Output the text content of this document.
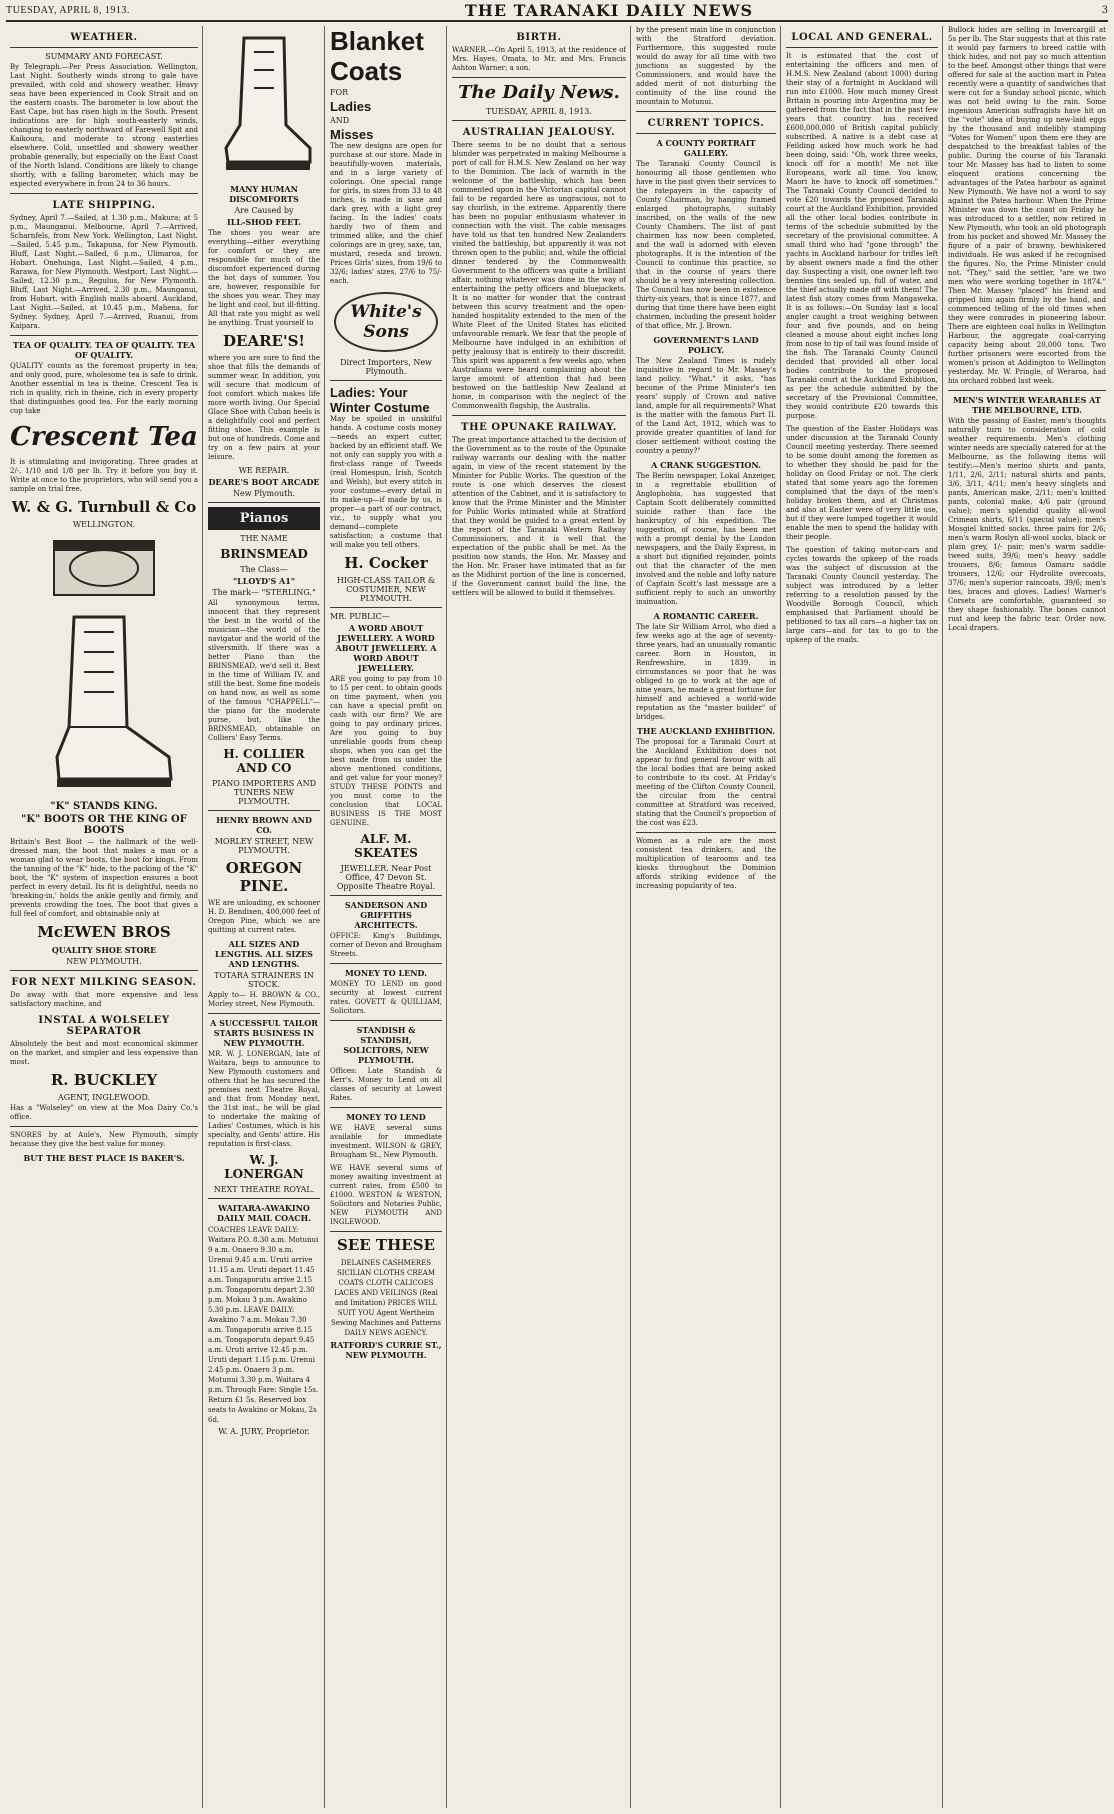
TUESDAY, APRIL 8, 1913.	THE TARANAKI DAILY NEWS	3
WEATHER.
SUMMARY AND FORECAST.
By Telegraph.—Per Press Association. Wellington, Last Night. Southerly winds strong to gale have prevailed, with cold and showery weather. Heavy seas have been experienced in Cook Strait and on the eastern coasts. The barometer is low about the East Cape, but has risen high in the South. Present indications are for high south-easterly winds, changing to easterly northward of Farewell Spit and Kaikoura, and moderate to strong easterlies elsewhere. Cold, unsettled and showery weather probable generally, but especially on the East Coast of the North Island. Conditions are likely to change shortly, with a falling barometer, which may be expected everywhere in from 24 to 36 hours.
LATE SHIPPING.
Sydney, April 7.—Sailed, at 1.30 p.m., Makura; at 5 p.m., Maunganui. Melbourne, April 7.—Arrived, Scharnfels, from New York. Wellington, Last Night.—Sailed, 5.45 p.m., Takapuna, for New Plymouth. Bluff, Last Night.—Sailed, 6 p.m., Ulimaroa, for Hobart. Onehunga, Last Night.—Sailed, 4 p.m., Rarawa, for New Plymouth. Westport, Last Night.—Sailed, 12.30 p.m., Regulus, for New Plymouth. Bluff, Last Night.—Arrived, 2.30 p.m., Maunganui, from Hobart, with English mails aboard. Auckland, Last Night.—Sailed, at 10.45 p.m., Mahena, for Sydney. Sydney, April 7.—Arrived, Ruanui, from Kaipara.
TEA OF QUALITY. TEA OF QUALITY. TEA OF QUALITY.
QUALITY counts as the foremost property in tea; and only good, pure, wholesome tea is safe to drink. Another essential in tea is theine. Crescent Tea is rich in quality, rich in theine, rich in every property that distinguishes good tea. For the early morning cup take
Crescent Tea
It is stimulating and invigorating. Three grades at 2/-, 1/10 and 1/8 per lb. Try it before you buy it. Write at once to the proprietors, who will send you a sample on trial free.
W. & G. Turnbull & Co
WELLINGTON.
"K" STANDS KING.
"K" BOOTS OR THE KING OF BOOTS
Britain's Best Boot — the hallmark of the well-dressed man, the boot that makes a man or a woman glad to wear boots, the boot for kings. From the tanning of the "K" hide, to the packing of the "K" boot, the "K" system of inspection ensures a boot perfect in every detail. Its fit is delightful, needs no 'breaking-in,' holds the ankle gently and firmly, and prevents crowding the toes. The boot that gives a full feel of comfort, and obtainable only at
McEWEN BROS
QUALITY SHOE STORE
NEW PLYMOUTH.
FOR NEXT MILKING SEASON.
Do away with that more expensive and less satisfactory machine, and
INSTAL A WOLSELEY SEPARATOR
Absolutely the best and most economical skimmer on the market, and simpler and less expensive than most.
R. BUCKLEY
AGENT, INGLEWOOD.
Has a "Wolseley" on view at the Moa Dairy Co.'s office.
SNORES by at Aule's, New Plymouth, simply because they give the best value for money.
BUT THE BEST PLACE IS BAKER'S.
MANY HUMAN DISCOMFORTS
Are Caused by
ILL-SHOD FEET.
The shoes you wear are everything—either everything for comfort or they are responsible for much of the discomfort experienced during the hot days of summer. You are, however, responsible for the shoes you wear. They may be light and cool, but ill-fitting. All that rate you might as well be anything. Trust yourself to
DEARE'S!
where you are sure to find the shoe that fills the demands of summer wear. In addition, you will secure that modicum of foot comfort which makes life more worth living. Our Special Glace Shoe with Cuban heels is a delightfully cool and perfect fitting shoe. This example is but one of hundreds. Come and try on a few pairs at your leisure.
WE REPAIR.
DEARE'S BOOT ARCADE
New Plymouth.
Pianos
THE NAME
BRINSMEAD
The Class—
"LLOYD'S A1"
The mark— "STERLING."
All synonymous terms, innocent that they represent the best in the world of the musician—the world of the navigator and the world of the silversmith. If there was a better Piano than the BRINSMEAD, we'd sell it. Best in the time of William IV. and still the best. Some fine models on hand now, as well as some of the famous "CHAPPELL"—the piano for the moderate purse, but, like the BRINSMEAD, obtainable on Colliers' Easy Terms.
H. COLLIER AND CO
PIANO IMPORTERS AND TUNERS NEW PLYMOUTH.
HENRY BROWN AND CO.
MORLEY STREET, NEW PLYMOUTH.
OREGON PINE.
WE are unloading, ex schooner H. D. Bendixen, 400,000 feet of Oregon Pine, which we are quitting at current rates.
ALL SIZES AND LENGTHS. ALL SIZES AND LENGTHS.
TOTARA STRAINERS IN STOCK.
Apply to— H. BROWN & CO., Morley street, New Plymouth.
A SUCCESSFUL TAILOR STARTS BUSINESS IN NEW PLYMOUTH.
MR. W. J. LONERGAN, late of Waitara, begs to announce to New Plymouth customers and others that he has secured the premises next Theatre Royal, and that from Monday next, the 31st inst., he will be glad to undertake the making of Ladies' Costumes, which is his specialty, and Gents' attire. His reputation is first-class.
W. J. LONERGAN
NEXT THEATRE ROYAL.
WAITARA-AWAKINO DAILY MAIL COACH.
COACHES LEAVE DAILY: Waitara P.O. 8.30 a.m. Motunui 9 a.m. Onaero 9.30 a.m. Urenui 9.45 a.m. Uruti arrive 11.15 a.m. Uruti depart 11.45 a.m. Tongaporutu arrive 2.15 p.m. Tongaporutu depart 2.30 p.m. Mokau 3 p.m. Awakino 5.30 p.m. LEAVE DAILY: Awakino 7 a.m. Mokau 7.30 a.m. Tongaporutu arrive 8.15 a.m. Tongaporutu depart 9.45 a.m. Uruti arrive 12.45 p.m. Uruti depart 1.15 p.m. Urenui 2.45 p.m. Onaero 3 p.m. Motunui 3.30 p.m. Waitara 4 p.m. Through Fare: Single 15s. Return £1 5s. Reserved box seats to Awakino or Mokau, 2s 6d.
W. A. JURY, Proprietor.
Blanket Coats
FOR
Ladies
AND
Misses
The new designs are open for purchase at our store. Made in beautifully-woven materials, and in a large variety of colorings. One special range for girls, in sizes from 33 to 48 inches, is made in saxe and dark grey, with a light grey facing. In the ladies' coats hardly two of them and trimmed alike, and the chief colorings are in grey, saxe, tan, mustard, reseda and brown. Prices Girls' sizes, from 19/6 to 32/6; ladies' sizes, 27/6 to 75/- each.
White's Sons
Direct Importers, New Plymouth.
Ladies: Your Winter Costume
May be spoiled in unskilful hands. A costume costs money —needs an expert cutter, backed by an efficient staff. We not only can supply you with a first-class range of Tweeds (real Homespun, Irish, Scotch and Welsh), but every stitch in your costume—every detail in its make-up—if made by us, is proper—a part of our contract, viz., to supply what you demand—complete satisfaction; a costume that will make you tell others.
H. Cocker
HIGH-CLASS TAILOR & COSTUMIER, NEW PLYMOUTH.
MR. PUBLIC—
A WORD ABOUT JEWELLERY. A WORD ABOUT JEWELLERY. A WORD ABOUT JEWELLERY.
ARE you going to pay from 10 to 15 per cent. to obtain goods on time payment, when you can have a special profit on cash with our firm? We are going to pay ordinary prices. Are you going to buy unreliable goods from cheap shops, when you can get the best made from us under the above mentioned conditions, and get value for your money? STUDY THESE POINTS and you must come to the conclusion that LOCAL BUSINESS IS THE MOST GENUINE.
ALF. M. SKEATES
JEWELLER. Near Post Office, 47 Devon St. Opposite Theatre Royal.
SANDERSON AND GRIFFITHS ARCHITECTS.
OFFICE: King's Buildings, corner of Devon and Brougham Streets.
MONEY TO LEND.
MONEY TO LEND on good security at lowest current rates. GOVETT & QUILLIAM, Solicitors.
STANDISH & STANDISH, SOLICITORS, NEW PLYMOUTH.
Offices: Late Standish & Kerr's. Money to Lend on all classes of security at Lowest Rates.
MONEY TO LEND
WE HAVE several sums available for immediate investment. WILSON & GREY, Brougham St., New Plymouth.
WE HAVE several sums of money awaiting investment at current rates, from £500 to £1000. WESTON & WESTON, Solicitors and Notaries Public, NEW PLYMOUTH AND INGLEWOOD.
SEE THESE
DELAINES CASHMERES SICILIAN CLOTHS CREAM COATS CLOTH CALICOES LACES AND VEILINGS (Real and Imitation) PRICES WILL SUIT YOU Agent Wertheim Sewing Machines and Patterns DAILY NEWS AGENCY.
RATFORD'S CURRIE ST., NEW PLYMOUTH.
BIRTH.
WARNER.—On April 5, 1913, at the residence of Mrs. Hayes, Omata, to Mr. and Mrs. Francis Ashton Warner; a son.
The Daily News.
TUESDAY, APRIL 8, 1913.
AUSTRALIAN JEALOUSY.
There seems to be no doubt that a serious blunder was perpetrated in making Melbourne a port of call for H.M.S. New Zealand on her way to the Dominion. The lack of warmth in the welcome of the battleship, which has been commented upon in the Victorian capital cannot fail to be regarded here as ungracious, not to say churlish, in the extreme. Apparently there has been no popular enthusiasm whatever in connection with the visit. The cable messages have told us that ten hundred New Zealanders visited the battleship, but apparently it was not thrown open to the public; and, while the official dinner tendered by the Commonwealth Government to the officers was quite a brilliant affair, nothing whatever was done in the way of entertaining the petty officers and bluejackets. It is no matter for wonder that the contrast between this scurvy treatment and the open-handed hospitality extended to the men of the White Fleet of the United States has elicited unfavourable remark. We fear that the people of Melbourne have indulged in an exhibition of petty jealousy that is entirely to their discredit. This spirit was apparent a few weeks ago, when Australians were heard complaining about the large amount of attention that had been bestowed on the battleship New Zealand at home, in comparison with the neglect of the Commonwealth flagship, the Australia.
THE OPUNAKE RAILWAY.
The great importance attached to the decision of the Government as to the route of the Opunake railway warrants our dealing with the matter again, in view of the recent statement by the Minister for Public Works. The question of the route is one which deserves the closest attention of the Cabinet, and it is satisfactory to know that the Prime Minister and the Minister for Public Works intimated while at Stratford that they would be guided to a great extent by the report of the Taranaki Western Railway Commissioners, and it is well that the expectation of the public shall be met. As the position now stands, the Hon. Mr. Massey and the Hon. Mr. Fraser have intimated that as far as the Midhirst portion of the line is concerned, if the Government cannot build the line, the settlers will be allowed to build it themselves.
by the present main line in conjunction with the Stratford deviation. Furthermore, this suggested route would do away for all time with two junctions as suggested by the Commissioners, and would have the added merit of not disturbing the continuity of the line round the mountain to Motunui.
CURRENT TOPICS.
A COUNTY PORTRAIT GALLERY.
The Taranaki County Council is honouring all those gentlemen who have in the past given their services to the ratepayers in the capacity of County Chairman, by hanging framed enlarged photographs, suitably inscribed, on the walls of the new County Chambers. The list of past chairmen has now been completed, and the wall is adorned with eleven photographs. It is the intention of the Council to continue this practice, so that in the course of years there should be a very interesting collection. The Council has now been in existence thirty-six years, that is since 1877, and during that time there have been eight chairmen, including the present holder of that office, Mr. J. Brown.
GOVERNMENT'S LAND POLICY.
The New Zealand Times is rudely inquisitive in regard to Mr. Massey's land policy. "What," it asks, "has become of the Prime Minister's ten years' supply of Crown and native land, ample for all requirements? What is the matter with the famous Part II. of the Land Act, 1912, which was to provide greater quantities of land for closer settlement without costing the country a penny?"
A CRANK SUGGESTION.
The Berlin newspaper, Lokal Anzeiger, in a regrettable ebullition of Anglophobia, has suggested that Captain Scott deliberately committed suicide rather than face the bankruptcy of his expedition. The suggestion, of course, has been met with a prompt denial by the London newspapers, and the Daily Express, in a short but dignified rejoinder, points out that the character of the men involved and the noble and lofty nature of Captain Scott's last message are a sufficient reply to such an unworthy insinuation.
A ROMANTIC CAREER.
The late Sir William Arrol, who died a few weeks ago at the age of seventy-three years, had an unusually romantic career. Born in Houston, in Renfrewshire, in 1839, in circumstances so poor that he was obliged to go to work at the age of nine years, he made a great fortune for himself and achieved a world-wide reputation as the "master builder" of bridges.
THE AUCKLAND EXHIBITION.
The proposal for a Taranaki Court at the Auckland Exhibition does not appear to find general favour with all the local bodies that are being asked to contribute to its cost. At Friday's meeting of the Clifton County Council, the circular from the central committee at Stratford was received, stating that the Council's proportion of the cost was £23.
Women as a rule are the most consistent tea drinkers, and the multiplication of tearooms and tea kiosks throughout the Dominion affords striking evidence of the increasing popularity of tea.
LOCAL AND GENERAL.
It is estimated that the cost of entertaining the officers and men of H.M.S. New Zealand (about 1000) during their stay of a fortnight in Auckland will run into £1000. How much money Great Britain is pouring into Argentina may be gathered from the fact that in the past few years that country has received £600,000,000 of British capital publicly subscribed. A native is a debt case at Feilding asked how much work he had been doing, said: "Oh, work three weeks, knock off for a month! Me not like Europeans, work all time. You know, Maori he have to knock off sometimes." The Taranaki County Council decided to vote £20 towards the proposed Taranaki court at the Auckland Exhibition, provided all the other local bodies contribute in terms of the schedule submitted by the secretary of the provisional committee. A small third who had "gone through" the yachts in Auckland harbour for trifles left by absent owners made a find the other day. Suspecting a visit, one owner left two bennies tins sealed up, full of water, and the thief actually made off with them! The latest fish story comes from Mangaweka. It is as follows:—On Sunday last a local angler caught a trout weighing between four and five pounds, and on being cleaned a mouse about eight inches long from nose to tip of tail was found inside of the fish. The Taranaki County Council decided that provided all other local bodies contribute to the proposed Taranaki court at the Auckland Exhibition, as per the schedule submitted by the secretary of the Provisional Committee, they would contribute £20 towards this purpose.
The question of the Easter Holidays was under discussion at the Taranaki County Council meeting yesterday. There seemed to be some doubt among the foremen as to whether they should be paid for the holiday on Good Friday or not. The clerk stated that some years ago the foremen complained that the days of the men's holiday broken them, and at Christmas and also at Easter were of very little use, but if they were lumped together it would enable the men to spend the holiday with their people.
The question of taking motor-cars and cycles towards the upkeep of the roads was the subject of discussion at the Taranaki County Council yesterday. The subject was introduced by a letter referring to a resolution passed by the Woodville Borough Council, which emphasised that Parliament should be petitioned to tax all cars—a higher tax on large cars—and for tax to go to the upkeep of the roads.
Bullock hides are selling in Invercargill at 5s per lb. The Star suggests that at this rate it would pay farmers to breed cattle with thick hides, and not pay so much attention to the beef. Amongst other things that were offered for sale at the auction mart in Patea recently were a quantity of sandwiches that were cut for a Sunday school picnic, which was not held owing to the rain. Some ingenious American suffragists have hit on the "vote" idea of buying up new-laid eggs by the thousand and indelibly stamping "Votes for Women" upon them ere they are despatched to the breakfast tables of the public. During the course of his Taranaki tour Mr. Massey has had to listen to some eloquent orations concerning the advantages of the Patea harbour as against New Plymouth. We have not a word to say against the Patea harbour. When the Prime Minister was down the coast on Friday he was introduced to a settler, now retired in New Plymouth, who took an old photograph from his pocket and showed Mr. Massey the figure of a pair of brawny, bewhiskered individuals. He was asked if he recognised the figures. No, the Prime Minister could not. "They," said the settler, "are we two men who were working together in 1874." Then Mr. Massey "placed" his friend and gripped him again firmly by the hand, and commenced telling of the old times when they were comrades in pioneering labour. There are eighteen coal hulks in Wellington Harbour, the aggregate coal-carrying capacity being about 20,000 tons. Two further prisoners were escorted from the women's prison at Addington to Wellington yesterday. Mr. W. Pringle, of Weraroa, had his orchard robbed last week.
MEN'S WINTER WEARABLES AT THE MELBOURNE, LTD.
With the passing of Easter, men's thoughts naturally turn to consideration of cold weather requirements. Men's clothing winter needs are specially catered for at the Melbourne, as the following items will testify:—Men's merino shirts and pants, 1/11, 2/6, 2/11; natural shirts and pants, 3/6, 3/11, 4/11; men's heavy singlets and pants, American make, 2/11; men's knitted pants, colonial make, 4/6 pair (ground value); men's splendid quality all-wool Crimean shirts, 6/11 (special value); men's Mosgiel knitted socks, three pairs for 2/6; men's warm Roslyn all-wool socks, black or plain grey, 1/- pair; men's warm saddle-tweed suits, 39/6; men's heavy saddle trousers, 8/6; famous Oamaru saddle trousers, 12/6; our Hydrolite overcoats, 37/6; men's superior raincoats, 39/6; men's ties, braces and gloves. Ladies! Warner's Corsets are comfortable, guaranteed so they shape fashionably. The bones cannot rust and keep the fabric tear. Order now. Local drapers.
